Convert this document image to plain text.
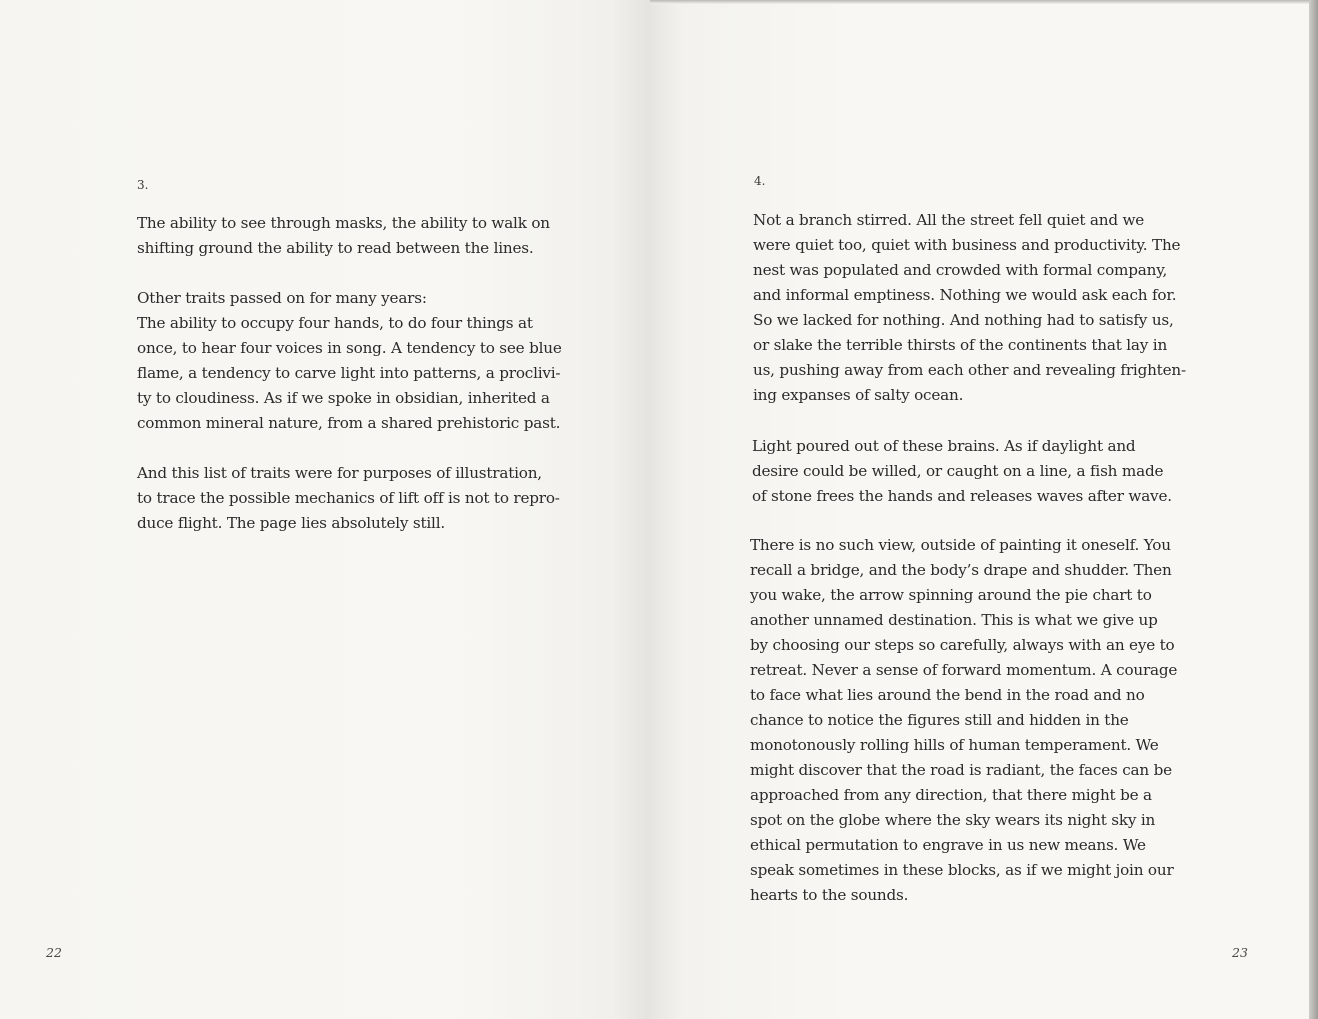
3.

The ability to see through masks, the ability to walk on
shifting ground the ability to read between the lines.

Other traits passed on for many years:
The ability to occupy four hands, to do four things at
once, to hear four voices in song. A tendency to see blue
flame, a tendency to carve light into patterns, a proclivi-
ty to cloudiness. As if we spoke in obsidian, inherited a
common mineral nature, from a shared prehistoric past.

And this list of traits were for purposes of illustration,
to trace the possible mechanics of lift off is not to repro-
duce flight. The page lies absolutely still.

22

4.

Not a branch stirred. All the street fell quiet and we
were quiet too, quiet with business and productivity. The
nest was populated and crowded with formal company,
and informal emptiness. Nothing we would ask each for.
So we lacked for nothing. And nothing had to satisfy us,
or slake the terrible thirsts of the continents that lay in
us, pushing away from each other and revealing frighten-
ing expanses of salty ocean.

Light poured out of these brains. As if daylight and
desire could be willed, or caught on a line, a fish made
of stone frees the hands and releases waves after wave.

There is no such view, outside of painting it oneself. You
recall a bridge, and the body’s drape and shudder. Then
you wake, the arrow spinning around the pie chart to
another unnamed destination. This is what we give up
by choosing our steps so carefully, always with an eye to
retreat. Never a sense of forward momentum. A courage
to face what lies around the bend in the road and no
chance to notice the figures still and hidden in the
monotonously rolling hills of human temperament. We
might discover that the road is radiant, the faces can be
approached from any direction, that there might be a
spot on the globe where the sky wears its night sky in
ethical permutation to engrave in us new means. We
speak sometimes in these blocks, as if we might join our
hearts to the sounds.

23
